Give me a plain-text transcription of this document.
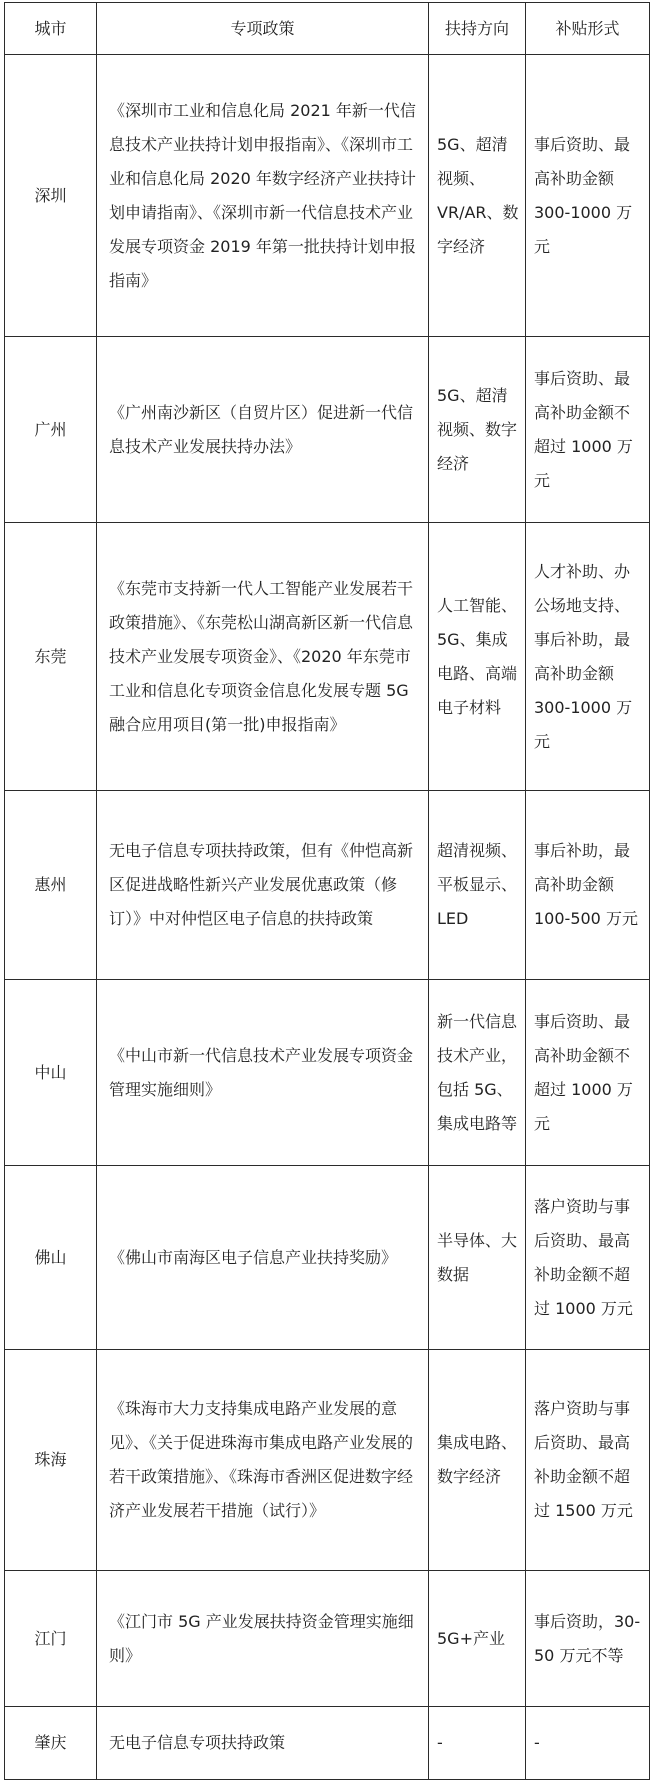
城市	专项政策	扶持方向	补贴形式
深圳	《深圳市工业和信息化局 2021 年新一代信息技术产业扶持计划申报指南》、《深圳市工业和信息化局 2020 年数字经济产业扶持计划申请指南》、《深圳市新一代信息技术产业发展专项资金 2019 年第一批扶持计划申报指南》	5G、超清视频、VR/AR、数字经济	事后资助、最高补助金额300-1000 万元
广州	《广州南沙新区（自贸片区）促进新一代信息技术产业发展扶持办法》	5G、超清视频、数字经济	事后资助、最高补助金额不超过 1000 万元
东莞	《东莞市支持新一代人工智能产业发展若干政策措施》、《东莞松山湖高新区新一代信息技术产业发展专项资金》、《2020 年东莞市工业和信息化专项资金信息化发展专题 5G 融合应用项目(第一批)申报指南》	人工智能、5G、集成电路、高端电子材料	人才补助、办公场地支持、事后补助，最高补助金额300-1000 万元
惠州	无电子信息专项扶持政策，但有《仲恺高新区促进战略性新兴产业发展优惠政策（修订）》中对仲恺区电子信息的扶持政策	超清视频、平板显示、LED	事后补助，最高补助金额100-500 万元
中山	《中山市新一代信息技术产业发展专项资金管理实施细则》	新一代信息技术产业，包括 5G、集成电路等	事后资助、最高补助金额不超过 1000 万元
佛山	《佛山市南海区电子信息产业扶持奖励》	半导体、大数据	落户资助与事后资助、最高补助金额不超过 1000 万元
珠海	《珠海市大力支持集成电路产业发展的意见》、《关于促进珠海市集成电路产业发展的若干政策措施》、《珠海市香洲区促进数字经济产业发展若干措施（试行）》	集成电路、数字经济	落户资助与事后资助、最高补助金额不超过 1500 万元
江门	《江门市 5G 产业发展扶持资金管理实施细则》	5G+产业	事后资助，30-50 万元不等
肇庆	无电子信息专项扶持政策	-	-
